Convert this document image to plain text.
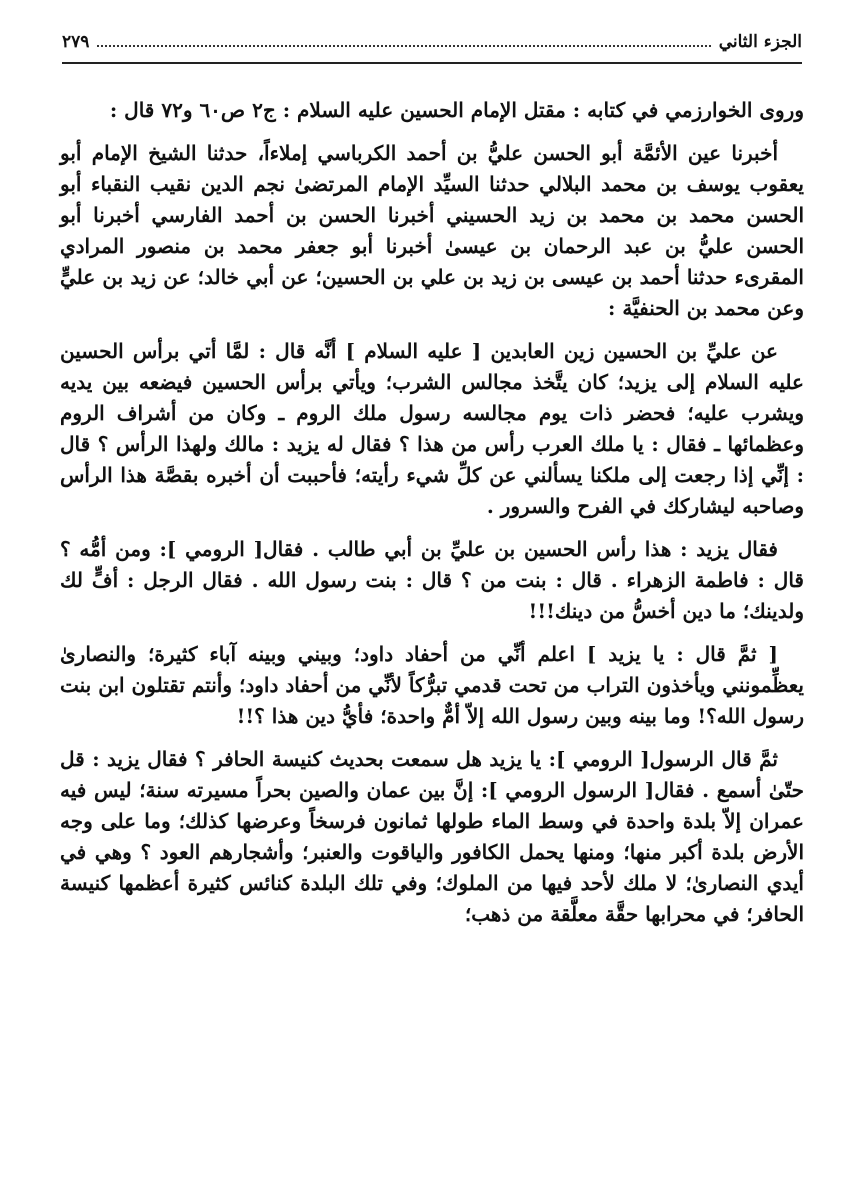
الجزء الثاني
٢٧٩

وروى الخوارزمي في كتابه : مقتل الإمام الحسين عليه السلام : ج٢ ص٦٠ و٧٢ قال :

أخبرنا عين الأئمَّة أبو الحسن عليُّ بن أحمد الكرباسي إملاءاً، حدثنا الشيخ الإمام أبو يعقوب يوسف بن محمد البلالي حدثنا السيِّد الإمام المرتضىٰ نجم الدين نقيب النقباء أبو الحسن محمد بن محمد بن زيد الحسيني أخبرنا الحسن بن أحمد الفارسي أخبرنا أبو الحسن عليُّ بن عبد الرحمان بن عيسىٰ أخبرنا أبو جعفر محمد بن منصور المرادي المقرىء حدثنا أحمد بن عيسى بن زيد بن علي بن الحسين؛ عن أبي خالد؛ عن زيد بن عليٍّ وعن محمد بن الحنفيَّة :

عن عليِّ بن الحسين زين العابدين [ عليه السلام ] أنَّه قال : لمَّا أتي برأس الحسين عليه السلام إلى يزيد؛ كان يتَّخذ مجالس الشرب؛ ويأتي برأس الحسين فيضعه بين يديه ويشرب عليه؛ فحضر ذات يوم مجالسه رسول ملك الروم ـ وكان من أشراف الروم وعظمائها ـ فقال : يا ملك العرب رأس من هذا ؟ فقال له يزيد : مالك ولهذا الرأس ؟ قال : إنِّي إذا رجعت إلى ملكنا يسألني عن كلِّ شيء رأيته؛ فأحببت أن أخبره بقصَّة هذا الرأس وصاحبه ليشاركك في الفرح والسرور .

فقال يزيد : هذا رأس الحسين بن عليِّ بن أبي طالب . فقال[ الرومي ]: ومن أمُّه ؟ قال : فاطمة الزهراء . قال : بنت من ؟ قال : بنت رسول الله . فقال الرجل : أفٍّ لك ولدينك؛ ما دين أخسُّ من دينك!!!

[ ثمَّ قال : يا يزيد ] اعلم أنِّي من أحفاد داود؛ وبيني وبينه آباء كثيرة؛ والنصارىٰ يعظِّمونني ويأخذون التراب من تحت قدمي تبرُّكاً لأنِّي من أحفاد داود؛ وأنتم تقتلون ابن بنت رسول الله؟! وما بينه وبين رسول الله إلاّ أمٌّ واحدة؛ فأيُّ دين هذا ؟!!

ثمَّ قال الرسول[ الرومي ]: يا يزيد هل سمعت بحديث كنيسة الحافر ؟ فقال يزيد : قل حتّىٰ أسمع . فقال[ الرسول الرومي ]: إنَّ بين عمان والصين بحراً مسيرته سنة؛ ليس فيه عمران إلاّ بلدة واحدة في وسط الماء طولها ثمانون فرسخاً وعرضها كذلك؛ وما على وجه الأرض بلدة أكبر منها؛ ومنها يحمل الكافور والياقوت والعنبر؛ وأشجارهم العود ؟ وهي في أيدي النصارىٰ؛ لا ملك لأحد فيها من الملوك؛ وفي تلك البلدة كنائس كثيرة أعظمها كنيسة الحافر؛ في محرابها حقَّة معلَّقة من ذهب؛
